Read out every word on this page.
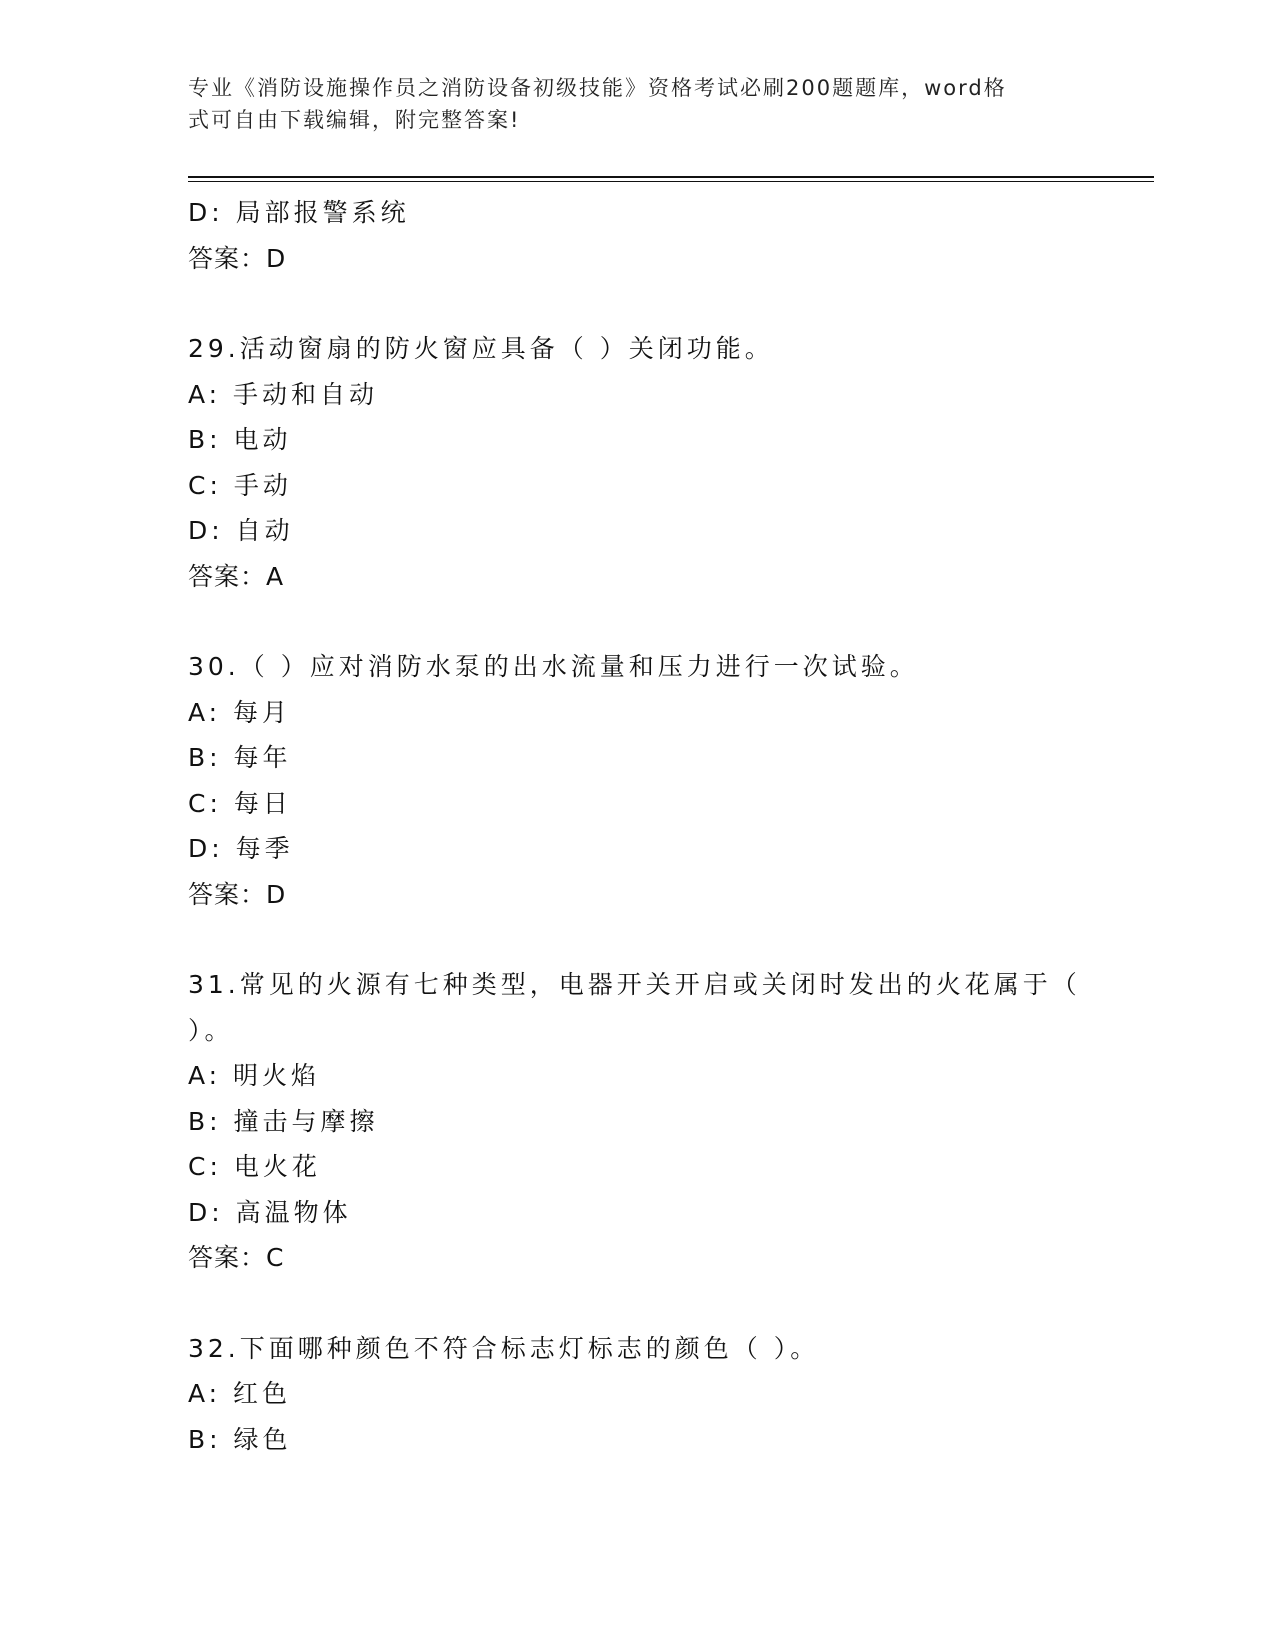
专业《消防设施操作员之消防设备初级技能》资格考试必刷200题题库，word格
式可自由下载编辑，附完整答案!
D: 局部报警系统
答案：D
29.活动窗扇的防火窗应具备（ ）关闭功能。
A: 手动和自动
B: 电动
C: 手动
D: 自动
答案：A
30.（ ）应对消防水泵的出水流量和压力进行一次试验。
A: 每月
B: 每年
C: 每日
D: 每季
答案：D
31.常见的火源有七种类型，电器开关开启或关闭时发出的火花属于（
）。
A: 明火焰
B: 撞击与摩擦
C: 电火花
D: 高温物体
答案：C
32.下面哪种颜色不符合标志灯标志的颜色（ ）。
A: 红色
B: 绿色
